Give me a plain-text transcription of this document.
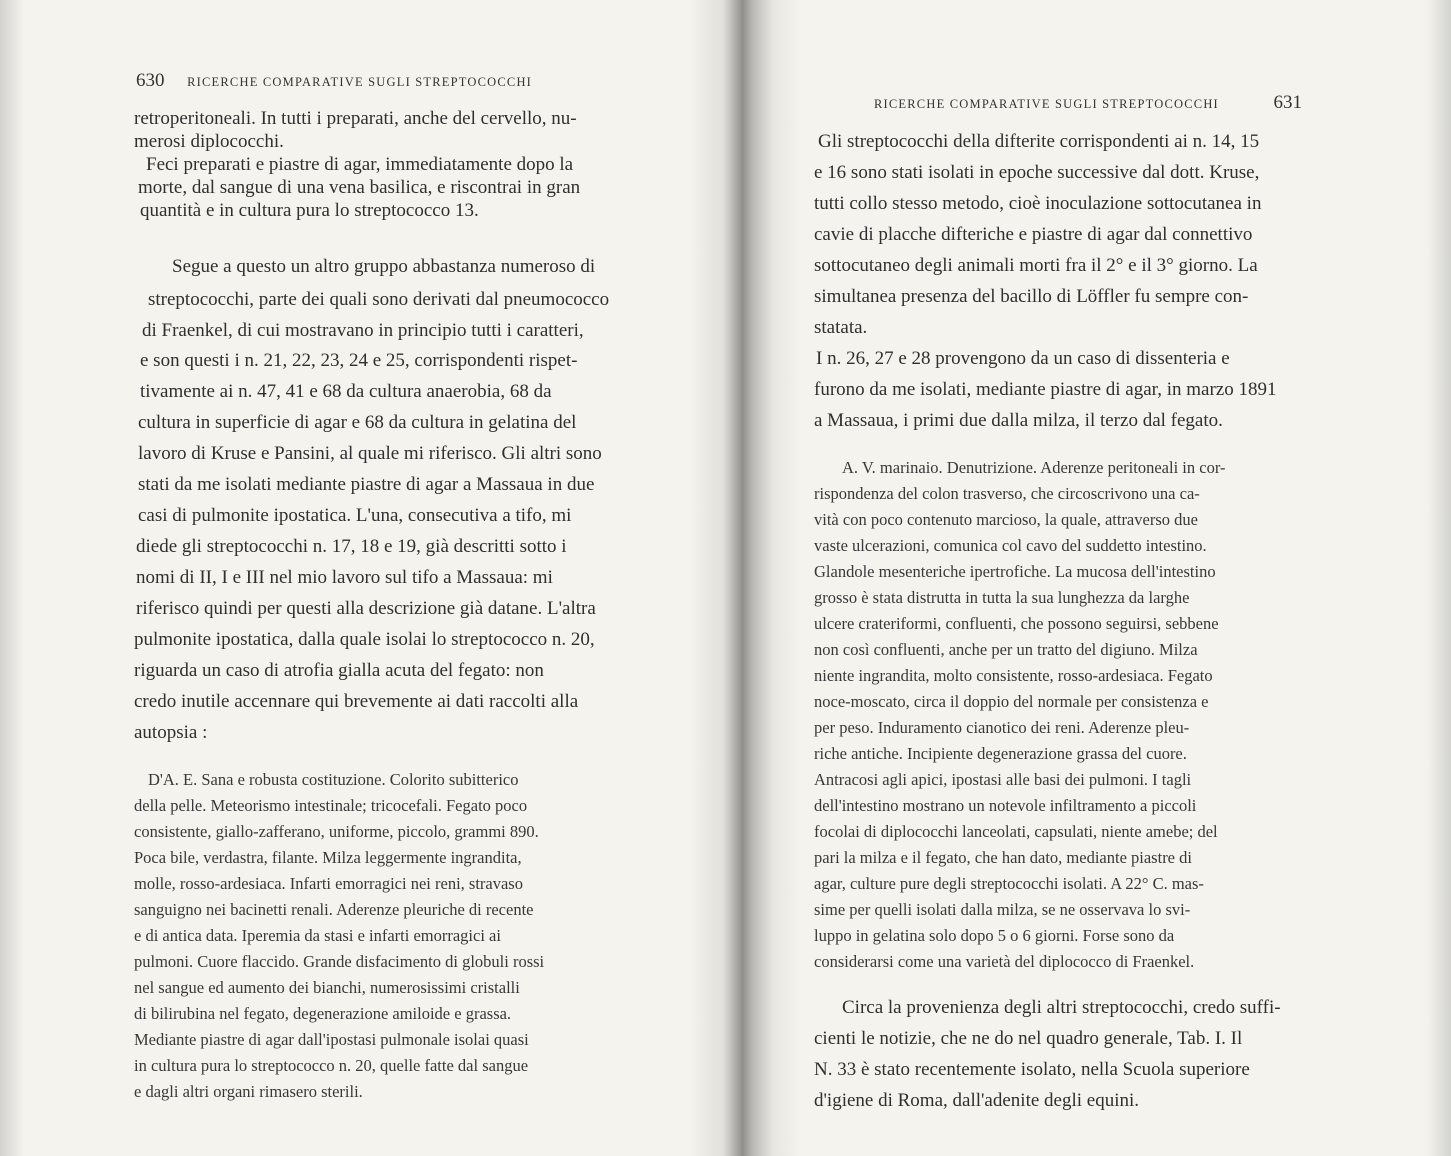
630 RICERCHE COMPARATIVE SUGLI STREPTOCOCCHI
retroperitoneali. In tutti i preparati, anche del cervello, nu-
merosi diplococchi.
Feci preparati e piastre di agar, immediatamente dopo la
morte, dal sangue di una vena basilica, e riscontrai in gran
quantità e in cultura pura lo streptococco 13.
Segue a questo un altro gruppo abbastanza numeroso di
streptococchi, parte dei quali sono derivati dal pneumococco
di Fraenkel, di cui mostravano in principio tutti i caratteri,
e son questi i n. 21, 22, 23, 24 e 25, corrispondenti rispet-
tivamente ai n. 47, 41 e 68 da cultura anaerobia, 68 da
cultura in superficie di agar e 68 da cultura in gelatina del
lavoro di Kruse e Pansini, al quale mi riferisco. Gli altri sono
stati da me isolati mediante piastre di agar a Massaua in due
casi di pulmonite ipostatica. L'una, consecutiva a tifo, mi
diede gli streptococchi n. 17, 18 e 19, già descritti sotto i
nomi di II, I e III nel mio lavoro sul tifo a Massaua: mi
riferisco quindi per questi alla descrizione già datane. L'altra
pulmonite ipostatica, dalla quale isolai lo streptococco n. 20,
riguarda un caso di atrofia gialla acuta del fegato: non
credo inutile accennare qui brevemente ai dati raccolti alla
autopsia :
D'A. E. Sana e robusta costituzione. Colorito subitterico
della pelle. Meteorismo intestinale; tricocefali. Fegato poco
consistente, giallo-zafferano, uniforme, piccolo, grammi 890.
Poca bile, verdastra, filante. Milza leggermente ingrandita,
molle, rosso-ardesiaca. Infarti emorragici nei reni, stravaso
sanguigno nei bacinetti renali. Aderenze pleuriche di recente
e di antica data. Iperemia da stasi e infarti emorragici ai
pulmoni. Cuore flaccido. Grande disfacimento di globuli rossi
nel sangue ed aumento dei bianchi, numerosissimi cristalli
di bilirubina nel fegato, degenerazione amiloide e grassa.
Mediante piastre di agar dall'ipostasi pulmonale isolai quasi
in cultura pura lo streptococco n. 20, quelle fatte dal sangue
e dagli altri organi rimasero sterili.
RICERCHE COMPARATIVE SUGLI STREPTOCOCCHI	631
Gli streptococchi della difterite corrispondenti ai n. 14, 15
e 16 sono stati isolati in epoche successive dal dott. Kruse,
tutti collo stesso metodo, cioè inoculazione sottocutanea in
cavie di placche difteriche e piastre di agar dal connettivo
sottocutaneo degli animali morti fra il 2° e il 3° giorno. La
simultanea presenza del bacillo di Löffler fu sempre con-
statata.
I n. 26, 27 e 28 provengono da un caso di dissenteria e
furono da me isolati, mediante piastre di agar, in marzo 1891
a Massaua, i primi due dalla milza, il terzo dal fegato.
A. V. marinaio. Denutrizione. Aderenze peritoneali in cor-
rispondenza del colon trasverso, che circoscrivono una ca-
vità con poco contenuto marcioso, la quale, attraverso due
vaste ulcerazioni, comunica col cavo del suddetto intestino.
Glandole mesenteriche ipertrofiche. La mucosa dell'intestino
grosso è stata distrutta in tutta la sua lunghezza da larghe
ulcere crateriformi, confluenti, che possono seguirsi, sebbene
non così confluenti, anche per un tratto del digiuno. Milza
niente ingrandita, molto consistente, rosso-ardesiaca. Fegato
noce-moscato, circa il doppio del normale per consistenza e
per peso. Induramento cianotico dei reni. Aderenze pleu-
riche antiche. Incipiente degenerazione grassa del cuore.
Antracosi agli apici, ipostasi alle basi dei pulmoni. I tagli
dell'intestino mostrano un notevole infiltramento a piccoli
focolai di diplococchi lanceolati, capsulati, niente amebe; del
pari la milza e il fegato, che han dato, mediante piastre di
agar, culture pure degli streptococchi isolati. A 22° C. mas-
sime per quelli isolati dalla milza, se ne osservava lo svi-
luppo in gelatina solo dopo 5 o 6 giorni. Forse sono da
considerarsi come una varietà del diplococco di Fraenkel.
Circa la provenienza degli altri streptococchi, credo suffi-
cienti le notizie, che ne do nel quadro generale, Tab. I. Il
N. 33 è stato recentemente isolato, nella Scuola superiore
d'igiene di Roma, dall'adenite degli equini.
